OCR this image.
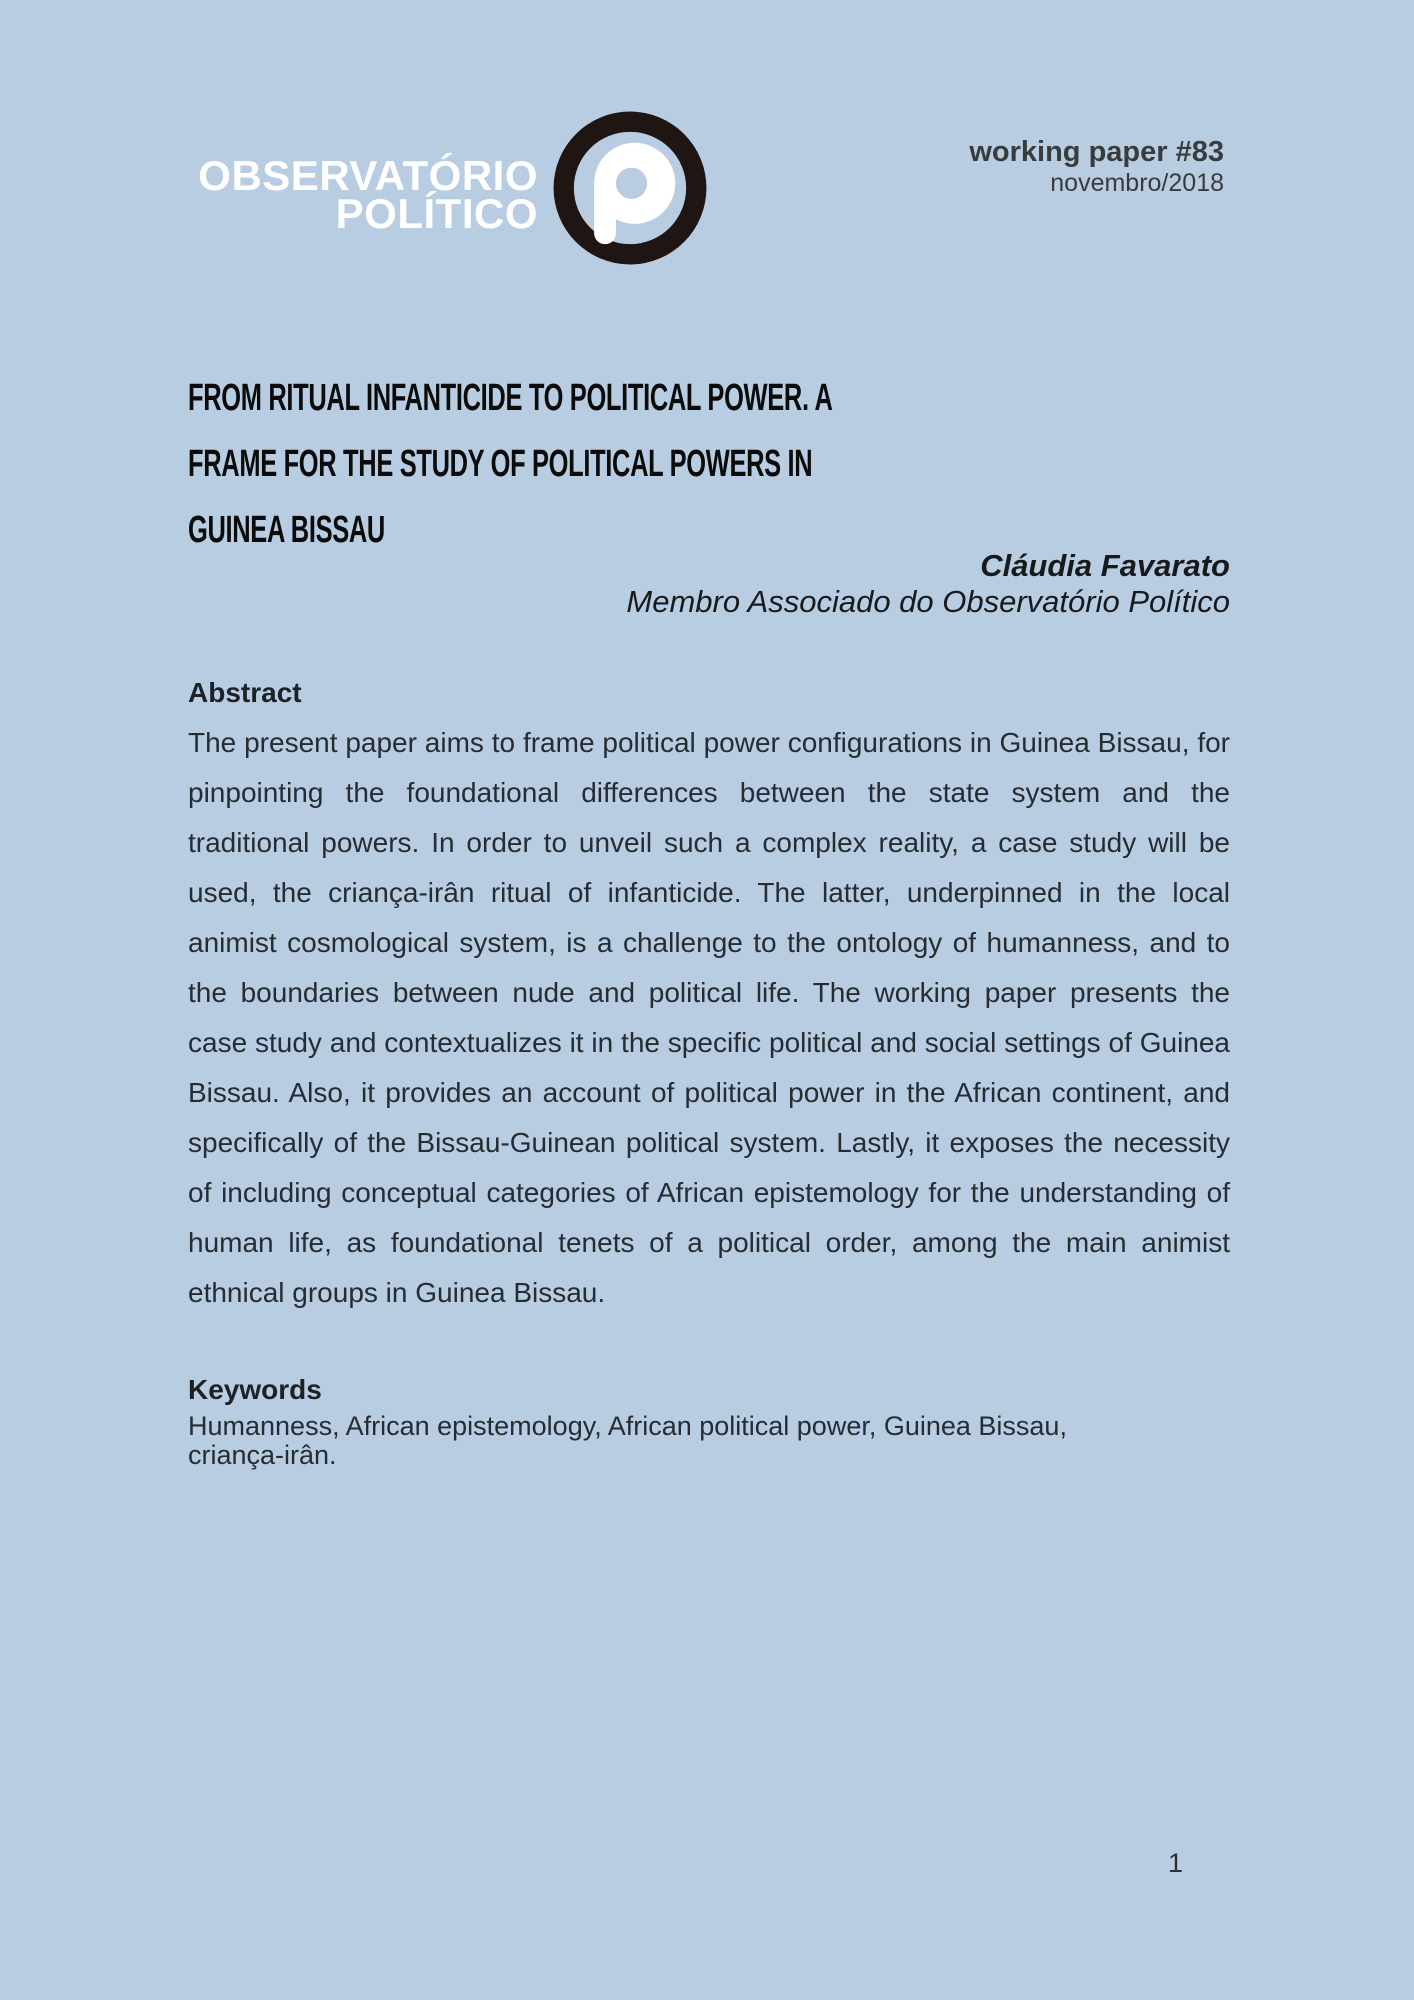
OBSERVATÓRIO
POLÍTICO
working paper #83
novembro/2018
FROM RITUAL INFANTICIDE TO POLITICAL POWER. A
FRAME FOR THE STUDY OF POLITICAL POWERS IN
GUINEA BISSAU
Cláudia Favarato
Membro Associado do Observatório Político
Abstract
The present paper aims to frame political power configurations in Guinea Bissau, for pinpointing the foundational differences between the state system and the traditional powers. In order to unveil such a complex reality, a case study will be used, the criança-irân ritual of infanticide. The latter, underpinned in the local animist cosmological system, is a challenge to the ontology of humanness, and to the boundaries between nude and political life. The working paper presents the case study and contextualizes it in the specific political and social settings of Guinea Bissau. Also, it provides an account of political power in the African continent, and specifically of the Bissau-Guinean political system. Lastly, it exposes the necessity of including conceptual categories of African epistemology for the understanding of human life, as foundational tenets of a political order, among the main animist ethnical groups in Guinea Bissau.
Keywords
Humanness, African epistemology, African political power, Guinea Bissau,
criança-irân.
1
